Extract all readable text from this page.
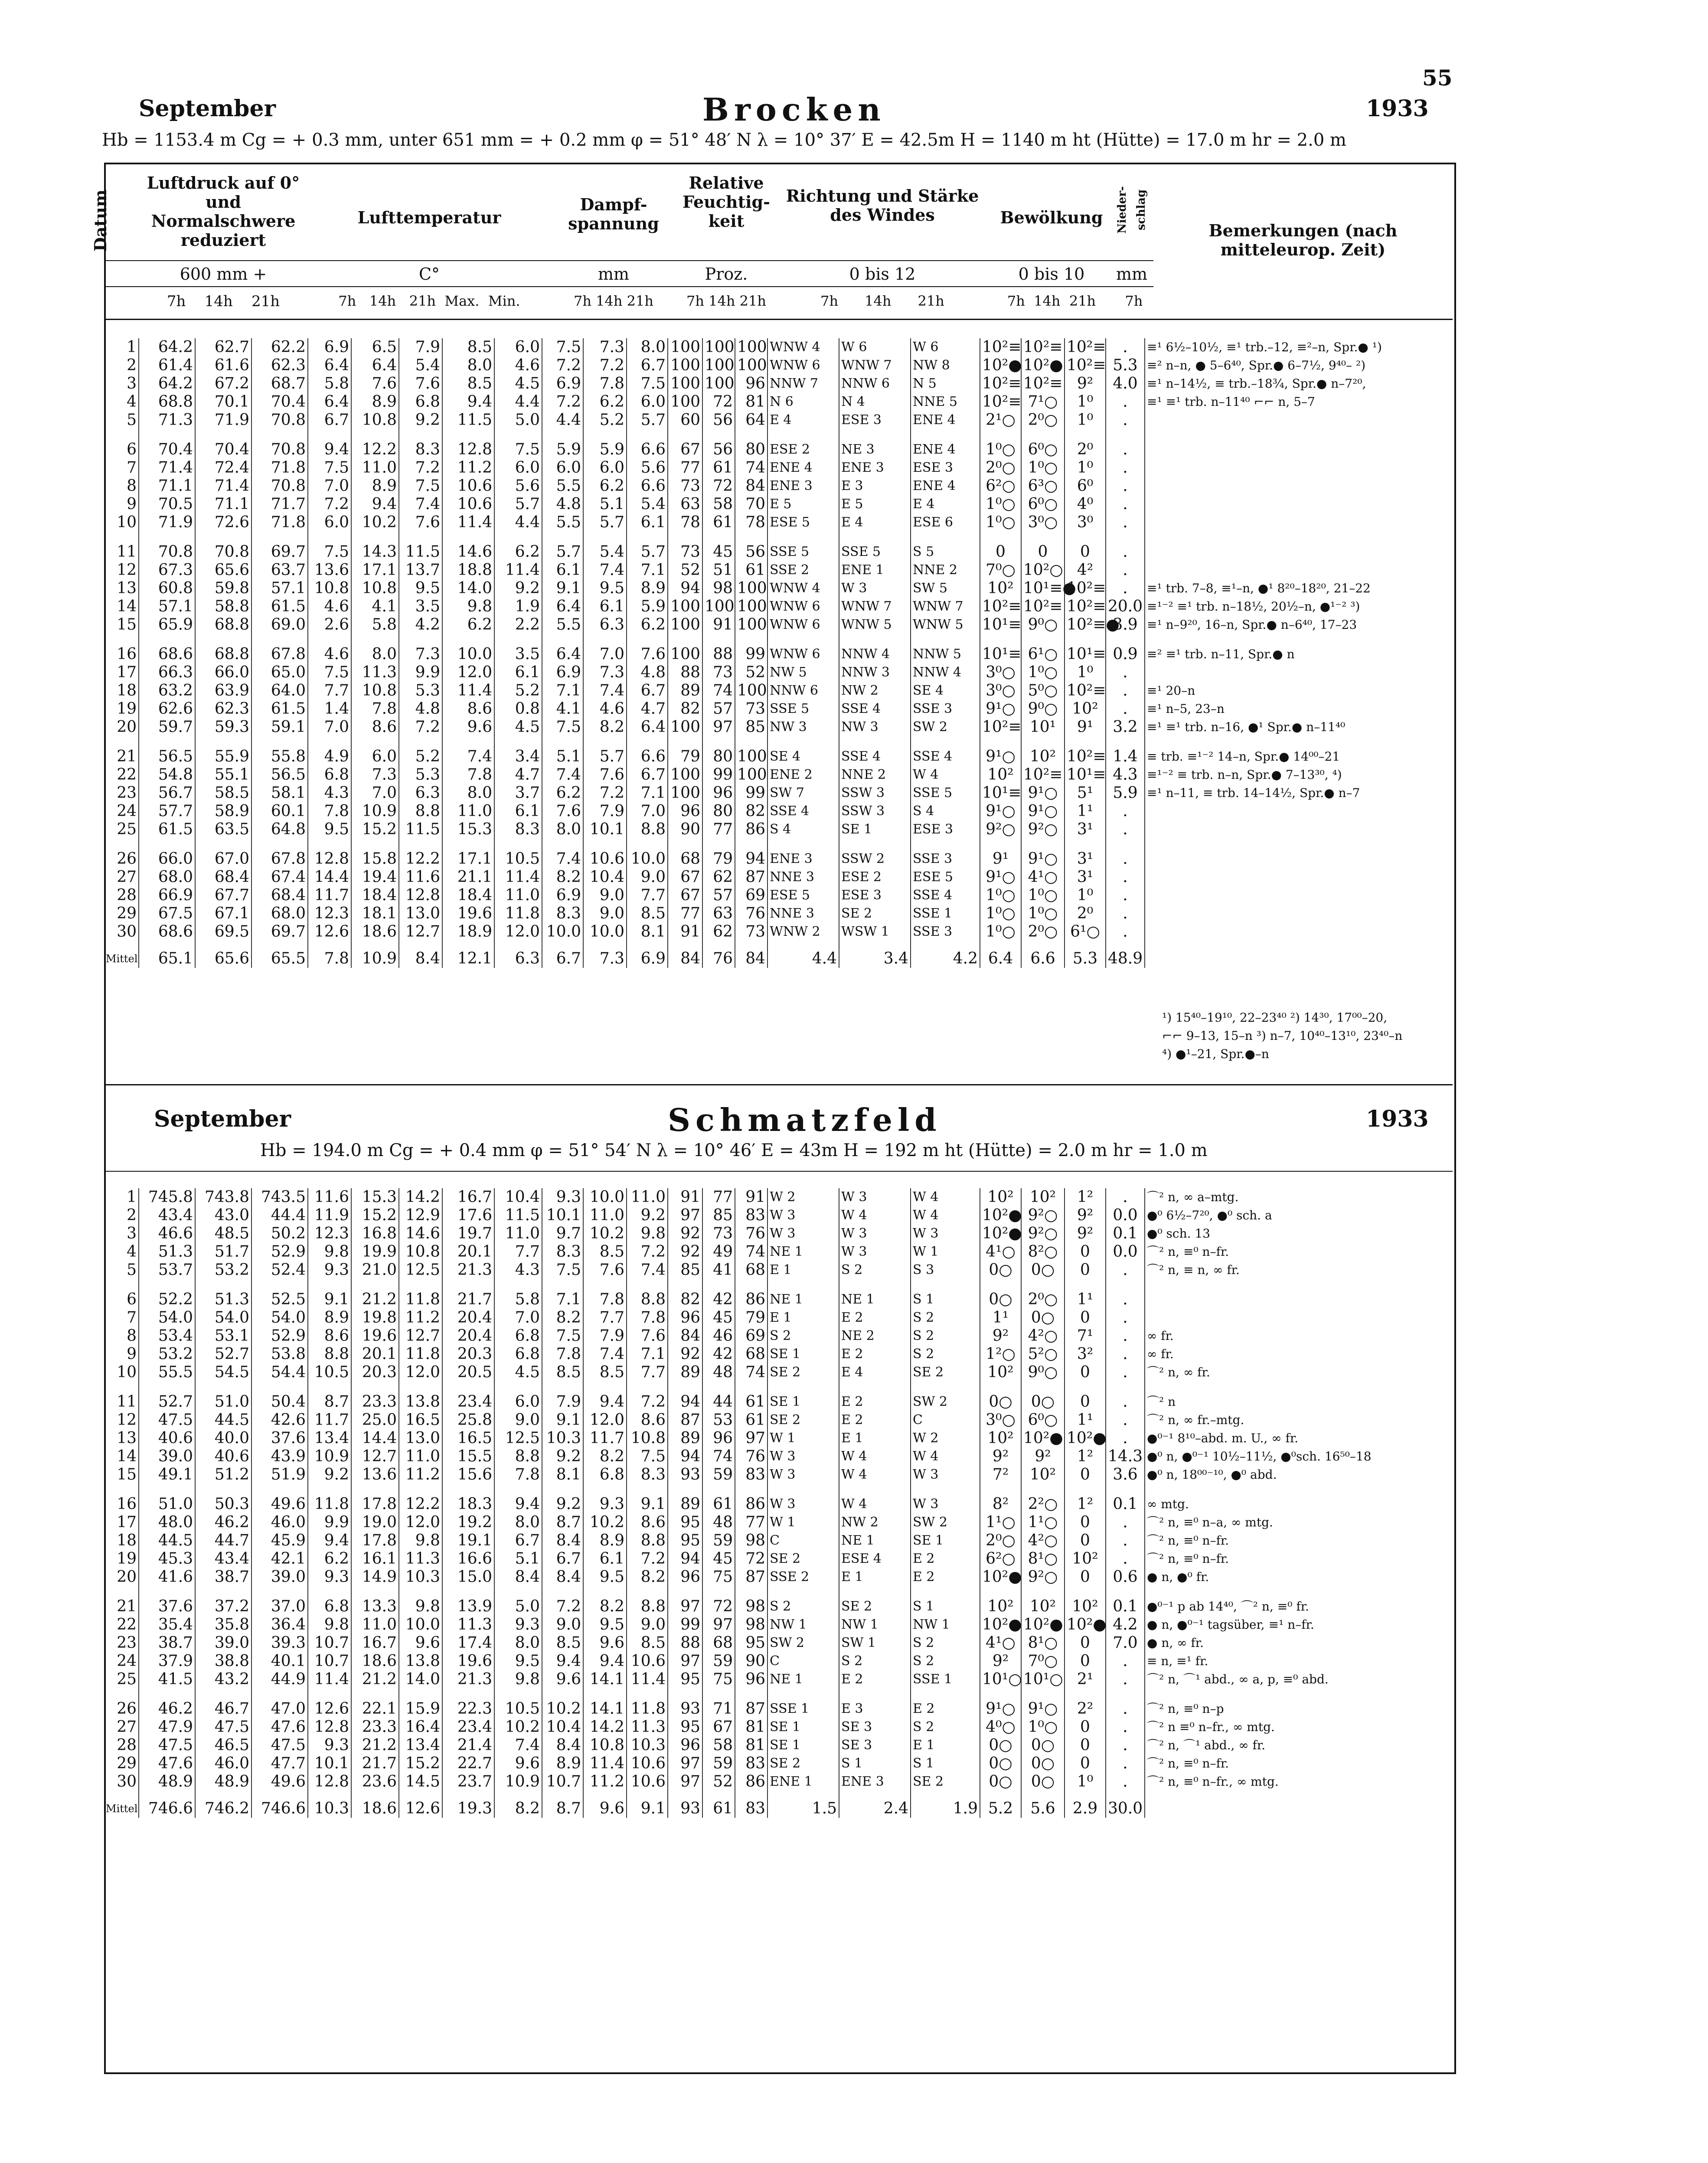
55
September	Brocken	1933
Hb = 1153.4 m Cg = + 0.3 mm, unter 651 mm = + 0.2 mm φ = 51° 48′ N λ = 10° 37′ E = 42.5m H = 1140 m ht (Hütte) = 17.0 m hr = 2.0 m
Datum
Luftdruck auf 0° und Normalschwere reduziert
600 mm +
Lufttemperatur
C°
Dampf-spannung
mm
Relative Feuchtig-keit
Proz.
Richtung und Stärke des Windes
0 bis 12
Bewölkung
0 bis 10
Nieder-schlag
mm
Bemerkungen (nach mitteleurop. Zeit)
7h 14h 21h	7h 14h 21h Max. Min.	7h 14h 21h	7h 14h 21h	7h 14h 21h	7h 14h 21h	7h
1	64.2	62.7	62.2	6.9	6.5	7.9	8.5	6.0	7.5	7.3	8.0	100	100	100	WNW 4	W 6	W 6	10²≡	10²≡	10²≡	.	≡¹ 6½–10½, ≡¹ trb.–12, ≡²–n, Spr.● ¹)
2	61.4	61.6	62.3	6.4	6.4	5.4	8.0	4.6	7.2	7.2	6.7	100	100	100	WNW 6	WNW 7	NW 8	10²●	10²●	10²≡	5.3	≡² n–n, ● 5–6⁴⁰, Spr.● 6–7½, 9⁴⁰– ²)
3	64.2	67.2	68.7	5.8	7.6	7.6	8.5	4.5	6.9	7.8	7.5	100	100	96	NNW 7	NNW 6	N 5	10²≡	10²≡	9²	4.0	≡¹ n–14½, ≡ trb.–18¾, Spr.● n–7²⁰,
4	68.8	70.1	70.4	6.4	8.9	6.8	9.4	4.4	7.2	6.2	6.0	100	72	81	N 6	N 4	NNE 5	10²≡	7¹○	1⁰	.	≡¹ ≡¹ trb. n–11⁴⁰ ⌐⌐ n, 5–7
5	71.3	71.9	70.8	6.7	10.8	9.2	11.5	5.0	4.4	5.2	5.7	60	56	64	E 4	ESE 3	ENE 4	2¹○	2⁰○	1⁰	.	
6	70.4	70.4	70.8	9.4	12.2	8.3	12.8	7.5	5.9	5.9	6.6	67	56	80	ESE 2	NE 3	ENE 4	1⁰○	6⁰○	2⁰	.	
7	71.4	72.4	71.8	7.5	11.0	7.2	11.2	6.0	6.0	6.0	5.6	77	61	74	ENE 4	ENE 3	ESE 3	2⁰○	1⁰○	1⁰	.	
8	71.1	71.4	70.8	7.0	8.9	7.5	10.6	5.6	5.5	6.2	6.6	73	72	84	ENE 3	E 3	ENE 4	6²○	6³○	6⁰	.	
9	70.5	71.1	71.7	7.2	9.4	7.4	10.6	5.7	4.8	5.1	5.4	63	58	70	E 5	E 5	E 4	1⁰○	6⁰○	4⁰	.	
10	71.9	72.6	71.8	6.0	10.2	7.6	11.4	4.4	5.5	5.7	6.1	78	61	78	ESE 5	E 4	ESE 6	1⁰○	3⁰○	3⁰	.	
11	70.8	70.8	69.7	7.5	14.3	11.5	14.6	6.2	5.7	5.4	5.7	73	45	56	SSE 5	SSE 5	S 5	0	0	0	.	
12	67.3	65.6	63.7	13.6	17.1	13.7	18.8	11.4	6.1	7.4	7.1	52	51	61	SSE 2	ENE 1	NNE 2	7⁰○	10²○	4²	.	
13	60.8	59.8	57.1	10.8	10.8	9.5	14.0	9.2	9.1	9.5	8.9	94	98	100	WNW 4	W 3	SW 5	10²	10¹≡●	10²≡	.	≡¹ trb. 7–8, ≡¹–n, ●¹ 8²⁰–18²⁰, 21–22
14	57.1	58.8	61.5	4.6	4.1	3.5	9.8	1.9	6.4	6.1	5.9	100	100	100	WNW 6	WNW 7	WNW 7	10²≡	10²≡	10²≡	20.0	≡¹⁻² ≡¹ trb. n–18½, 20½–n, ●¹⁻² ³)
15	65.9	68.8	69.0	2.6	5.8	4.2	6.2	2.2	5.5	6.3	6.2	100	91	100	WNW 6	WNW 5	WNW 5	10¹≡	9⁰○	10²≡●	3.9	≡¹ n–9²⁰, 16–n, Spr.● n–6⁴⁰, 17–23
16	68.6	68.8	67.8	4.6	8.0	7.3	10.0	3.5	6.4	7.0	7.6	100	88	99	WNW 6	NNW 4	NNW 5	10¹≡	6¹○	10¹≡	0.9	≡² ≡¹ trb. n–11, Spr.● n
17	66.3	66.0	65.0	7.5	11.3	9.9	12.0	6.1	6.9	7.3	4.8	88	73	52	NW 5	NNW 3	NNW 4	3⁰○	1⁰○	1⁰	.	
18	63.2	63.9	64.0	7.7	10.8	5.3	11.4	5.2	7.1	7.4	6.7	89	74	100	NNW 6	NW 2	SE 4	3⁰○	5⁰○	10²≡	.	≡¹ 20–n
19	62.6	62.3	61.5	1.4	7.8	4.8	8.6	0.8	4.1	4.6	4.7	82	57	73	SSE 5	SSE 4	SSE 3	9¹○	9⁰○	10²	.	≡¹ n–5, 23–n
20	59.7	59.3	59.1	7.0	8.6	7.2	9.6	4.5	7.5	8.2	6.4	100	97	85	NW 3	NW 3	SW 2	10²≡	10¹	9¹	3.2	≡¹ ≡¹ trb. n–16, ●¹ Spr.● n–11⁴⁰
21	56.5	55.9	55.8	4.9	6.0	5.2	7.4	3.4	5.1	5.7	6.6	79	80	100	SE 4	SSE 4	SSE 4	9¹○	10²	10²≡	1.4	≡ trb. ≡¹⁻² 14–n, Spr.● 14⁰⁰–21
22	54.8	55.1	56.5	6.8	7.3	5.3	7.8	4.7	7.4	7.6	6.7	100	99	100	ENE 2	NNE 2	W 4	10²	10²≡	10¹≡	4.3	≡¹⁻² ≡ trb. n–n, Spr.● 7–13³⁰, ⁴)
23	56.7	58.5	58.1	4.3	7.0	6.3	8.0	3.7	6.2	7.2	7.1	100	96	99	SW 7	SSW 3	SSE 5	10¹≡	9¹○	5¹	5.9	≡¹ n–11, ≡ trb. 14–14½, Spr.● n–7
24	57.7	58.9	60.1	7.8	10.9	8.8	11.0	6.1	7.6	7.9	7.0	96	80	82	SSE 4	SSW 3	S 4	9¹○	9¹○	1¹	.	
25	61.5	63.5	64.8	9.5	15.2	11.5	15.3	8.3	8.0	10.1	8.8	90	77	86	S 4	SE 1	ESE 3	9²○	9²○	3¹	.	
26	66.0	67.0	67.8	12.8	15.8	12.2	17.1	10.5	7.4	10.6	10.0	68	79	94	ENE 3	SSW 2	SSE 3	9¹	9¹○	3¹	.	
27	68.0	68.4	67.4	14.4	19.4	11.6	21.1	11.4	8.2	10.4	9.0	67	62	87	NNE 3	ESE 2	ESE 5	9¹○	4¹○	3¹	.	
28	66.9	67.7	68.4	11.7	18.4	12.8	18.4	11.0	6.9	9.0	7.7	67	57	69	ESE 5	ESE 3	SSE 4	1⁰○	1⁰○	1⁰	.	
29	67.5	67.1	68.0	12.3	18.1	13.0	19.6	11.8	8.3	9.0	8.5	77	63	76	NNE 3	SE 2	SSE 1	1⁰○	1⁰○	2⁰	.	
30	68.6	69.5	69.7	12.6	18.6	12.7	18.9	12.0	10.0	10.0	8.1	91	62	73	WNW 2	WSW 1	SSE 3	1⁰○	2⁰○	6¹○	.	
Mittel	65.1	65.6	65.5	7.8	10.9	8.4	12.1	6.3	6.7	7.3	6.9	84	76	84	4.4	3.4	4.2	6.4	6.6	5.3	48.9	
¹) 15⁴⁰–19¹⁰, 22–23⁴⁰ ²) 14³⁰, 17⁰⁰–20,
⌐⌐ 9–13, 15–n ³) n–7, 10⁴⁰–13¹⁰, 23⁴⁰–n
⁴) ●¹–21, Spr.●–n
September	Schmatzfeld	1933
Hb = 194.0 m Cg = + 0.4 mm φ = 51° 54′ N λ = 10° 46′ E = 43m H = 192 m ht (Hütte) = 2.0 m hr = 1.0 m
1	745.8	743.8	743.5	11.6	15.3	14.2	16.7	10.4	9.3	10.0	11.0	91	77	91	W 2	W 3	W 4	10²	10²	1²	.	⌒² n, ∞ a–mtg.
2	43.4	43.0	44.4	11.9	15.2	12.9	17.6	11.5	10.1	11.0	9.2	97	85	83	W 3	W 4	W 4	10²●	9²○	9²	0.0	●⁰ 6½–7²⁰, ●⁰ sch. a
3	46.6	48.5	50.2	12.3	16.8	14.6	19.7	11.0	9.7	10.2	9.8	92	73	76	W 3	W 3	W 3	10²●	9²○	9²	0.1	●⁰ sch. 13
4	51.3	51.7	52.9	9.8	19.9	10.8	20.1	7.7	8.3	8.5	7.2	92	49	74	NE 1	W 3	W 1	4¹○	8²○	0	0.0	⌒² n, ≡⁰ n–fr.
5	53.7	53.2	52.4	9.3	21.0	12.5	21.3	4.3	7.5	7.6	7.4	85	41	68	E 1	S 2	S 3	0○	0○	0	.	⌒² n, ≡ n, ∞ fr.
6	52.2	51.3	52.5	9.1	21.2	11.8	21.7	5.8	7.1	7.8	8.8	82	42	86	NE 1	NE 1	S 1	0○	2⁰○	1¹	.	
7	54.0	54.0	54.0	8.9	19.8	11.2	20.4	7.0	8.2	7.7	7.8	96	45	79	E 1	E 2	S 2	1¹	0○	0	.	
8	53.4	53.1	52.9	8.6	19.6	12.7	20.4	6.8	7.5	7.9	7.6	84	46	69	S 2	NE 2	S 2	9²	4²○	7¹	.	∞ fr.
9	53.2	52.7	53.8	8.8	20.1	11.8	20.3	6.8	7.8	7.4	7.1	92	42	68	SE 1	E 2	S 2	1²○	5²○	3²	.	∞ fr.
10	55.5	54.5	54.4	10.5	20.3	12.0	20.5	4.5	8.5	8.5	7.7	89	48	74	SE 2	E 4	SE 2	10²	9⁰○	0	.	⌒² n, ∞ fr.
11	52.7	51.0	50.4	8.7	23.3	13.8	23.4	6.0	7.9	9.4	7.2	94	44	61	SE 1	E 2	SW 2	0○	0○	0	.	⌒² n
12	47.5	44.5	42.6	11.7	25.0	16.5	25.8	9.0	9.1	12.0	8.6	87	53	61	SE 2	E 2	C	3⁰○	6⁰○	1¹	.	⌒² n, ∞ fr.–mtg.
13	40.6	40.0	37.6	13.4	14.4	13.0	16.5	12.5	10.3	11.7	10.8	89	96	97	W 1	E 1	W 2	10²	10²●	10²●	.	●⁰⁻¹ 8¹⁰–abd. m. U., ∞ fr.
14	39.0	40.6	43.9	10.9	12.7	11.0	15.5	8.8	9.2	8.2	7.5	94	74	76	W 3	W 4	W 4	9²	9²	1²	14.3	●⁰ n, ●⁰⁻¹ 10½–11½, ●⁰sch. 16⁵⁰–18
15	49.1	51.2	51.9	9.2	13.6	11.2	15.6	7.8	8.1	6.8	8.3	93	59	83	W 3	W 4	W 3	7²	10²	0	3.6	●⁰ n, 18⁰⁰⁻¹⁰, ●⁰ abd.
16	51.0	50.3	49.6	11.8	17.8	12.2	18.3	9.4	9.2	9.3	9.1	89	61	86	W 3	W 4	W 3	8²	2²○	1²	0.1	∞ mtg.
17	48.0	46.2	46.0	9.9	19.0	12.0	19.2	8.0	8.7	10.2	8.6	95	48	77	W 1	NW 2	SW 2	1¹○	1¹○	0	.	⌒² n, ≡⁰ n–a, ∞ mtg.
18	44.5	44.7	45.9	9.4	17.8	9.8	19.1	6.7	8.4	8.9	8.8	95	59	98	C	NE 1	SE 1	2⁰○	4²○	0	.	⌒² n, ≡⁰ n–fr.
19	45.3	43.4	42.1	6.2	16.1	11.3	16.6	5.1	6.7	6.1	7.2	94	45	72	SE 2	ESE 4	E 2	6²○	8¹○	10²	.	⌒² n, ≡⁰ n–fr.
20	41.6	38.7	39.0	9.3	14.9	10.3	15.0	8.4	8.4	9.5	8.2	96	75	87	SSE 2	E 1	E 2	10²●	9²○	0	0.6	● n, ●⁰ fr.
21	37.6	37.2	37.0	6.8	13.3	9.8	13.9	5.0	7.2	8.2	8.8	97	72	98	S 2	SE 2	S 1	10²	10²	10²	0.1	●⁰⁻¹ p ab 14⁴⁰, ⌒² n, ≡⁰ fr.
22	35.4	35.8	36.4	9.8	11.0	10.0	11.3	9.3	9.0	9.5	9.0	99	97	98	NW 1	NW 1	NW 1	10²●	10²●	10²●	4.2	● n, ●⁰⁻¹ tagsüber, ≡¹ n–fr.
23	38.7	39.0	39.3	10.7	16.7	9.6	17.4	8.0	8.5	9.6	8.5	88	68	95	SW 2	SW 1	S 2	4¹○	8¹○	0	7.0	● n, ∞ fr.
24	37.9	38.8	40.1	10.7	18.6	13.8	19.6	9.5	9.4	9.4	10.6	97	59	90	C	S 2	S 2	9²	7⁰○	0	.	≡ n, ≡¹ fr.
25	41.5	43.2	44.9	11.4	21.2	14.0	21.3	9.8	9.6	14.1	11.4	95	75	96	NE 1	E 2	SSE 1	10¹○	10¹○	2¹	.	⌒² n, ⌒¹ abd., ∞ a, p, ≡⁰ abd.
26	46.2	46.7	47.0	12.6	22.1	15.9	22.3	10.5	10.2	14.1	11.8	93	71	87	SSE 1	E 3	E 2	9¹○	9¹○	2²	.	⌒² n, ≡⁰ n–p
27	47.9	47.5	47.6	12.8	23.3	16.4	23.4	10.2	10.4	14.2	11.3	95	67	81	SE 1	SE 3	S 2	4⁰○	1⁰○	0	.	⌒² n ≡⁰ n–fr., ∞ mtg.
28	47.5	46.5	47.5	9.3	21.2	13.4	21.4	7.4	8.4	10.8	10.3	96	58	81	SE 1	SE 3	E 1	0○	0○	0	.	⌒² n, ⌒¹ abd., ∞ fr.
29	47.6	46.0	47.7	10.1	21.7	15.2	22.7	9.6	8.9	11.4	10.6	97	59	83	SE 2	S 1	S 1	0○	0○	0	.	⌒² n, ≡⁰ n–fr.
30	48.9	48.9	49.6	12.8	23.6	14.5	23.7	10.9	10.7	11.2	10.6	97	52	86	ENE 1	ENE 3	SE 2	0○	0○	1⁰	.	⌒² n, ≡⁰ n–fr., ∞ mtg.
Mittel	746.6	746.2	746.6	10.3	18.6	12.6	19.3	8.2	8.7	9.6	9.1	93	61	83	1.5	2.4	1.9	5.2	5.6	2.9	30.0	
